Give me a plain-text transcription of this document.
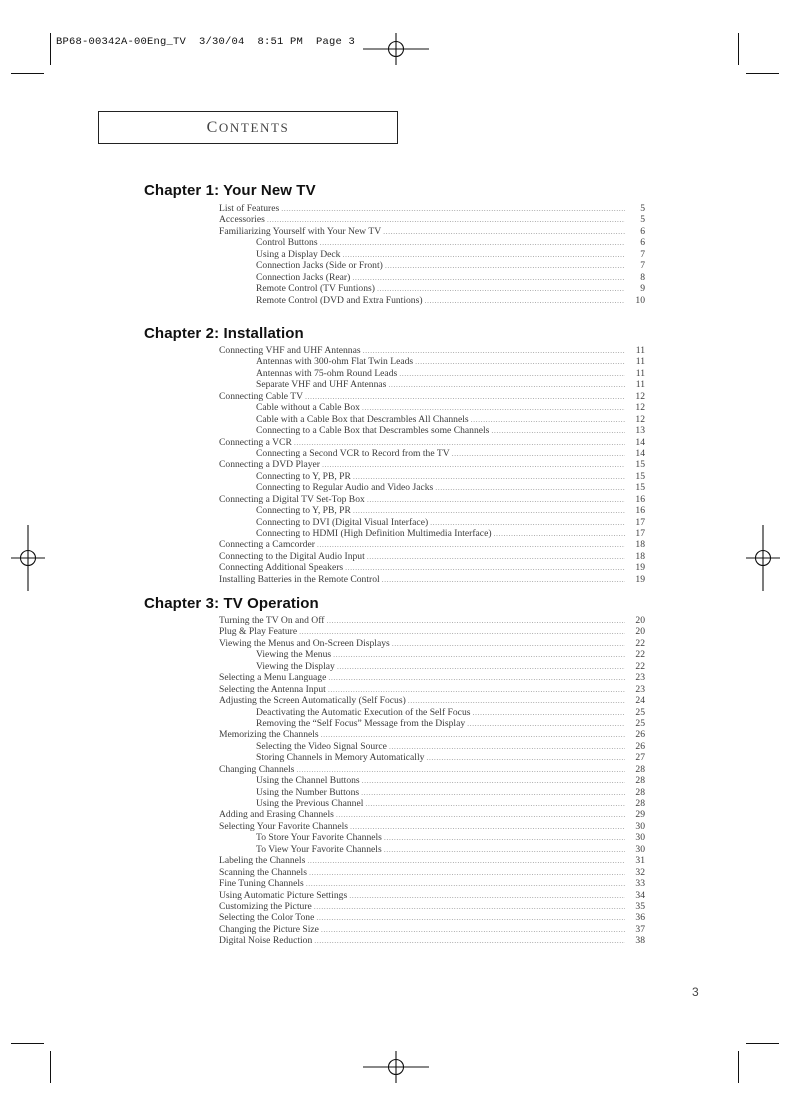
BP68-00342A-00Eng_TV  3/30/04  8:51 PM  Page 3
CONTENTS
Chapter 1: Your New TV
List of Features .....	5
Accessories .....	5
Familiarizing Yourself with Your New TV .....	6
Control Buttons .....	6
Using a Display Deck .....	7
Connection Jacks (Side or Front) .....	7
Connection Jacks (Rear) .....	8
Remote Control (TV Funtions) .....	9
Remote Control (DVD and Extra Funtions) .....	10
Chapter 2: Installation
Connecting VHF and UHF Antennas .....	11
Antennas with 300-ohm Flat Twin Leads .....	11
Antennas with 75-ohm Round Leads .....	11
Separate VHF and UHF Antennas .....	11
Connecting Cable TV .....	12
Cable without a Cable Box .....	12
Cable with a Cable Box that Descrambles All Channels .....	12
Connecting to a Cable Box that Descrambles some Channels .....	13
Connecting a VCR .....	14
Connecting a Second VCR to Record from the TV .....	14
Connecting a DVD Player .....	15
Connecting to Y, PB, PR .....	15
Connecting to Regular Audio and Video Jacks .....	15
Connecting a Digital TV Set-Top Box .....	16
Connecting to Y, PB, PR .....	16
Connecting to DVI (Digital Visual Interface) .....	17
Connecting to HDMI (High Definition Multimedia Interface) .....	17
Connecting a Camcorder .....	18
Connecting to the Digital Audio Input .....	18
Connecting Additional Speakers .....	19
Installing Batteries in the Remote Control .....	19
Chapter 3: TV Operation
Turning the TV On and Off .....	20
Plug & Play Feature .....	20
Viewing the Menus and On-Screen Displays .....	22
Viewing the Menus .....	22
Viewing the Display .....	22
Selecting a Menu Language .....	23
Selecting the Antenna Input .....	23
Adjusting the Screen Automatically (Self Focus) .....	24
Deactivating the Automatic Execution of the Self Focus .....	25
Removing the “Self Focus” Message from the Display .....	25
Memorizing the Channels .....	26
Selecting the Video Signal Source .....	26
Storing Channels in Memory Automatically .....	27
Changing Channels .....	28
Using the Channel Buttons .....	28
Using the Number Buttons .....	28
Using the Previous Channel .....	28
Adding and Erasing Channels .....	29
Selecting Your Favorite Channels .....	30
To Store Your Favorite Channels .....	30
To View Your Favorite Channels .....	30
Labeling the Channels .....	31
Scanning the Channels .....	32
Fine Tuning Channels .....	33
Using Automatic Picture Settings .....	34
Customizing the Picture .....	35
Selecting the Color Tone .....	36
Changing the Picture Size .....	37
Digital Noise Reduction .....	38
3
